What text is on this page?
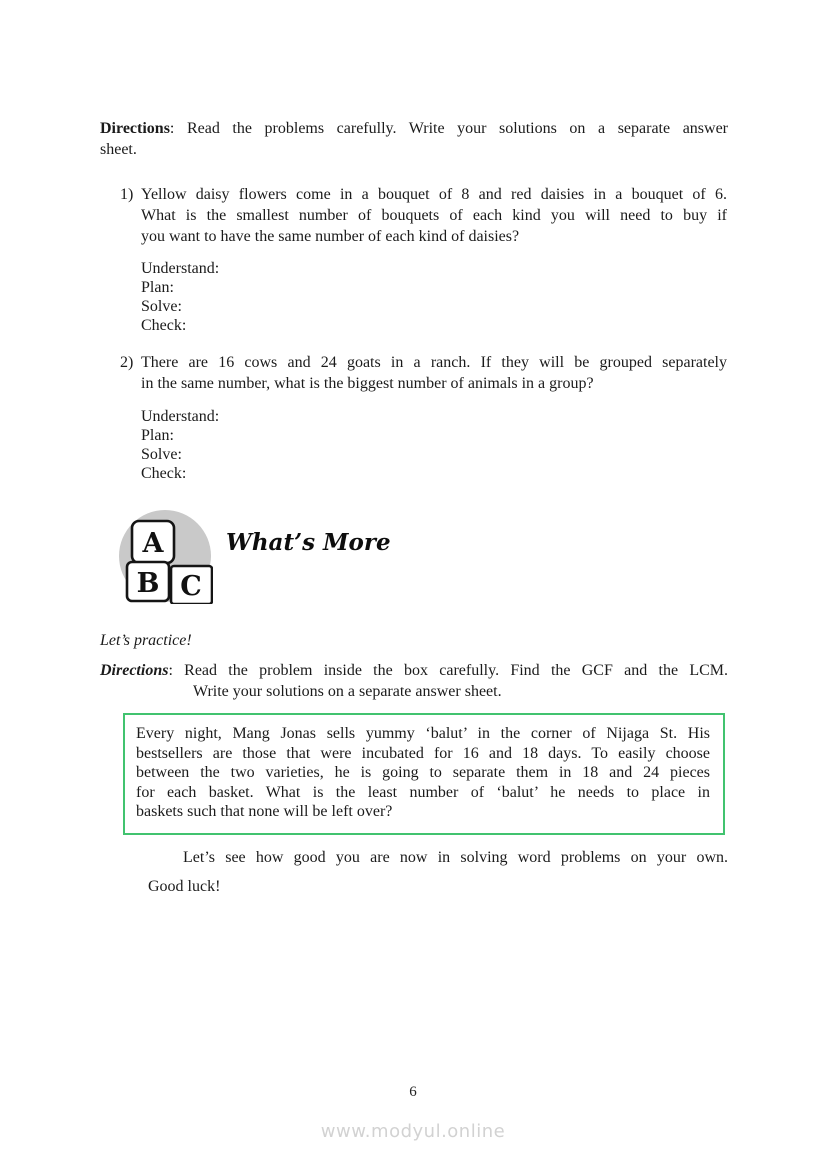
Directions: Read the problems carefully. Write your solutions on a separate answer
sheet.
1) Yellow daisy flowers come in a bouquet of 8 and red daisies in a bouquet of 6.
What is the smallest number of bouquets of each kind you will need to buy if
you want to have the same number of each kind of daisies?
Understand:
Plan:
Solve:
Check:
2) There are 16 cows and 24 goats in a ranch. If they will be grouped separately
in the same number, what is the biggest number of animals in a group?
Understand:
Plan:
Solve:
Check:
A
B C
What’s More
Let’s practice!
Directions: Read the problem inside the box carefully. Find the GCF and the LCM.
Write your solutions on a separate answer sheet.
Every night, Mang Jonas sells yummy ‘balut’ in the corner of Nijaga St. His
bestsellers are those that were incubated for 16 and 18 days. To easily choose
between the two varieties, he is going to separate them in 18 and 24 pieces
for each basket. What is the least number of ‘balut’ he needs to place in
baskets such that none will be left over?
Let’s see how good you are now in solving word problems on your own.
Good luck!
6
www.modyul.online
